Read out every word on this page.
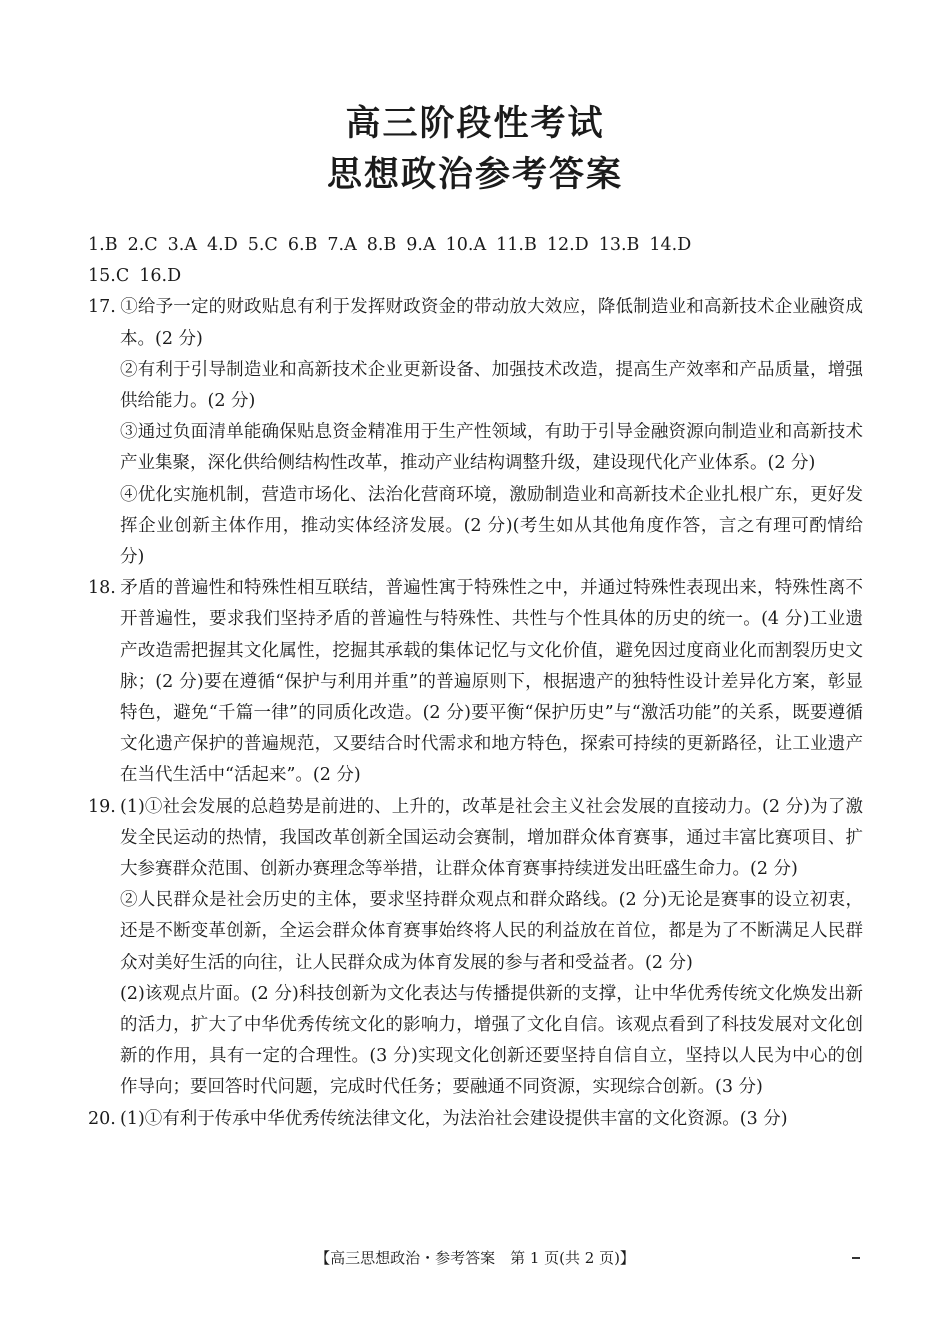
高三阶段性考试
思想政治参考答案
1.B 2.C 3.A 4.D 5.C 6.B 7.A 8.B 9.A 10.A 11.B 12.D 13.B 14.D
15.C 16.D

17. ①给予一定的财政贴息有利于发挥财政资金的带动放大效应，降低制造业和高新技术企业融资成本。(2 分)

②有利于引导制造业和高新技术企业更新设备、加强技术改造，提高生产效率和产品质量，增强供给能力。(2 分)

③通过负面清单能确保贴息资金精准用于生产性领域，有助于引导金融资源向制造业和高新技术产业集聚，深化供给侧结构性改革，推动产业结构调整升级，建设现代化产业体系。(2 分)

④优化实施机制，营造市场化、法治化营商环境，激励制造业和高新技术企业扎根广东，更好发挥企业创新主体作用，推动实体经济发展。(2 分)(考生如从其他角度作答，言之有理可酌情给分)

18. 矛盾的普遍性和特殊性相互联结，普遍性寓于特殊性之中，并通过特殊性表现出来，特殊性离不开普遍性，要求我们坚持矛盾的普遍性与特殊性、共性与个性具体的历史的统一。(4 分)工业遗产改造需把握其文化属性，挖掘其承载的集体记忆与文化价值，避免因过度商业化而割裂历史文脉；(2 分)要在遵循“保护与利用并重”的普遍原则下，根据遗产的独特性设计差异化方案，彰显特色，避免“千篇一律”的同质化改造。(2 分)要平衡“保护历史”与“激活功能”的关系，既要遵循文化遗产保护的普遍规范，又要结合时代需求和地方特色，探索可持续的更新路径，让工业遗产在当代生活中“活起来”。(2 分)

19. (1)①社会发展的总趋势是前进的、上升的，改革是社会主义社会发展的直接动力。(2 分)为了激发全民运动的热情，我国改革创新全国运动会赛制，增加群众体育赛事，通过丰富比赛项目、扩大参赛群众范围、创新办赛理念等举措，让群众体育赛事持续迸发出旺盛生命力。(2 分)

②人民群众是社会历史的主体，要求坚持群众观点和群众路线。(2 分)无论是赛事的设立初衷，还是不断变革创新，全运会群众体育赛事始终将人民的利益放在首位，都是为了不断满足人民群众对美好生活的向往，让人民群众成为体育发展的参与者和受益者。(2 分)

(2)该观点片面。(2 分)科技创新为文化表达与传播提供新的支撑，让中华优秀传统文化焕发出新的活力，扩大了中华优秀传统文化的影响力，增强了文化自信。该观点看到了科技发展对文化创新的作用，具有一定的合理性。(3 分)实现文化创新还要坚持自信自立，坚持以人民为中心的创作导向；要回答时代问题，完成时代任务；要融通不同资源，实现综合创新。(3 分)

20. (1)①有利于传承中华优秀传统法律文化，为法治社会建设提供丰富的文化资源。(3 分)

【高三思想政治・参考答案　第 1 页(共 2 页)】
